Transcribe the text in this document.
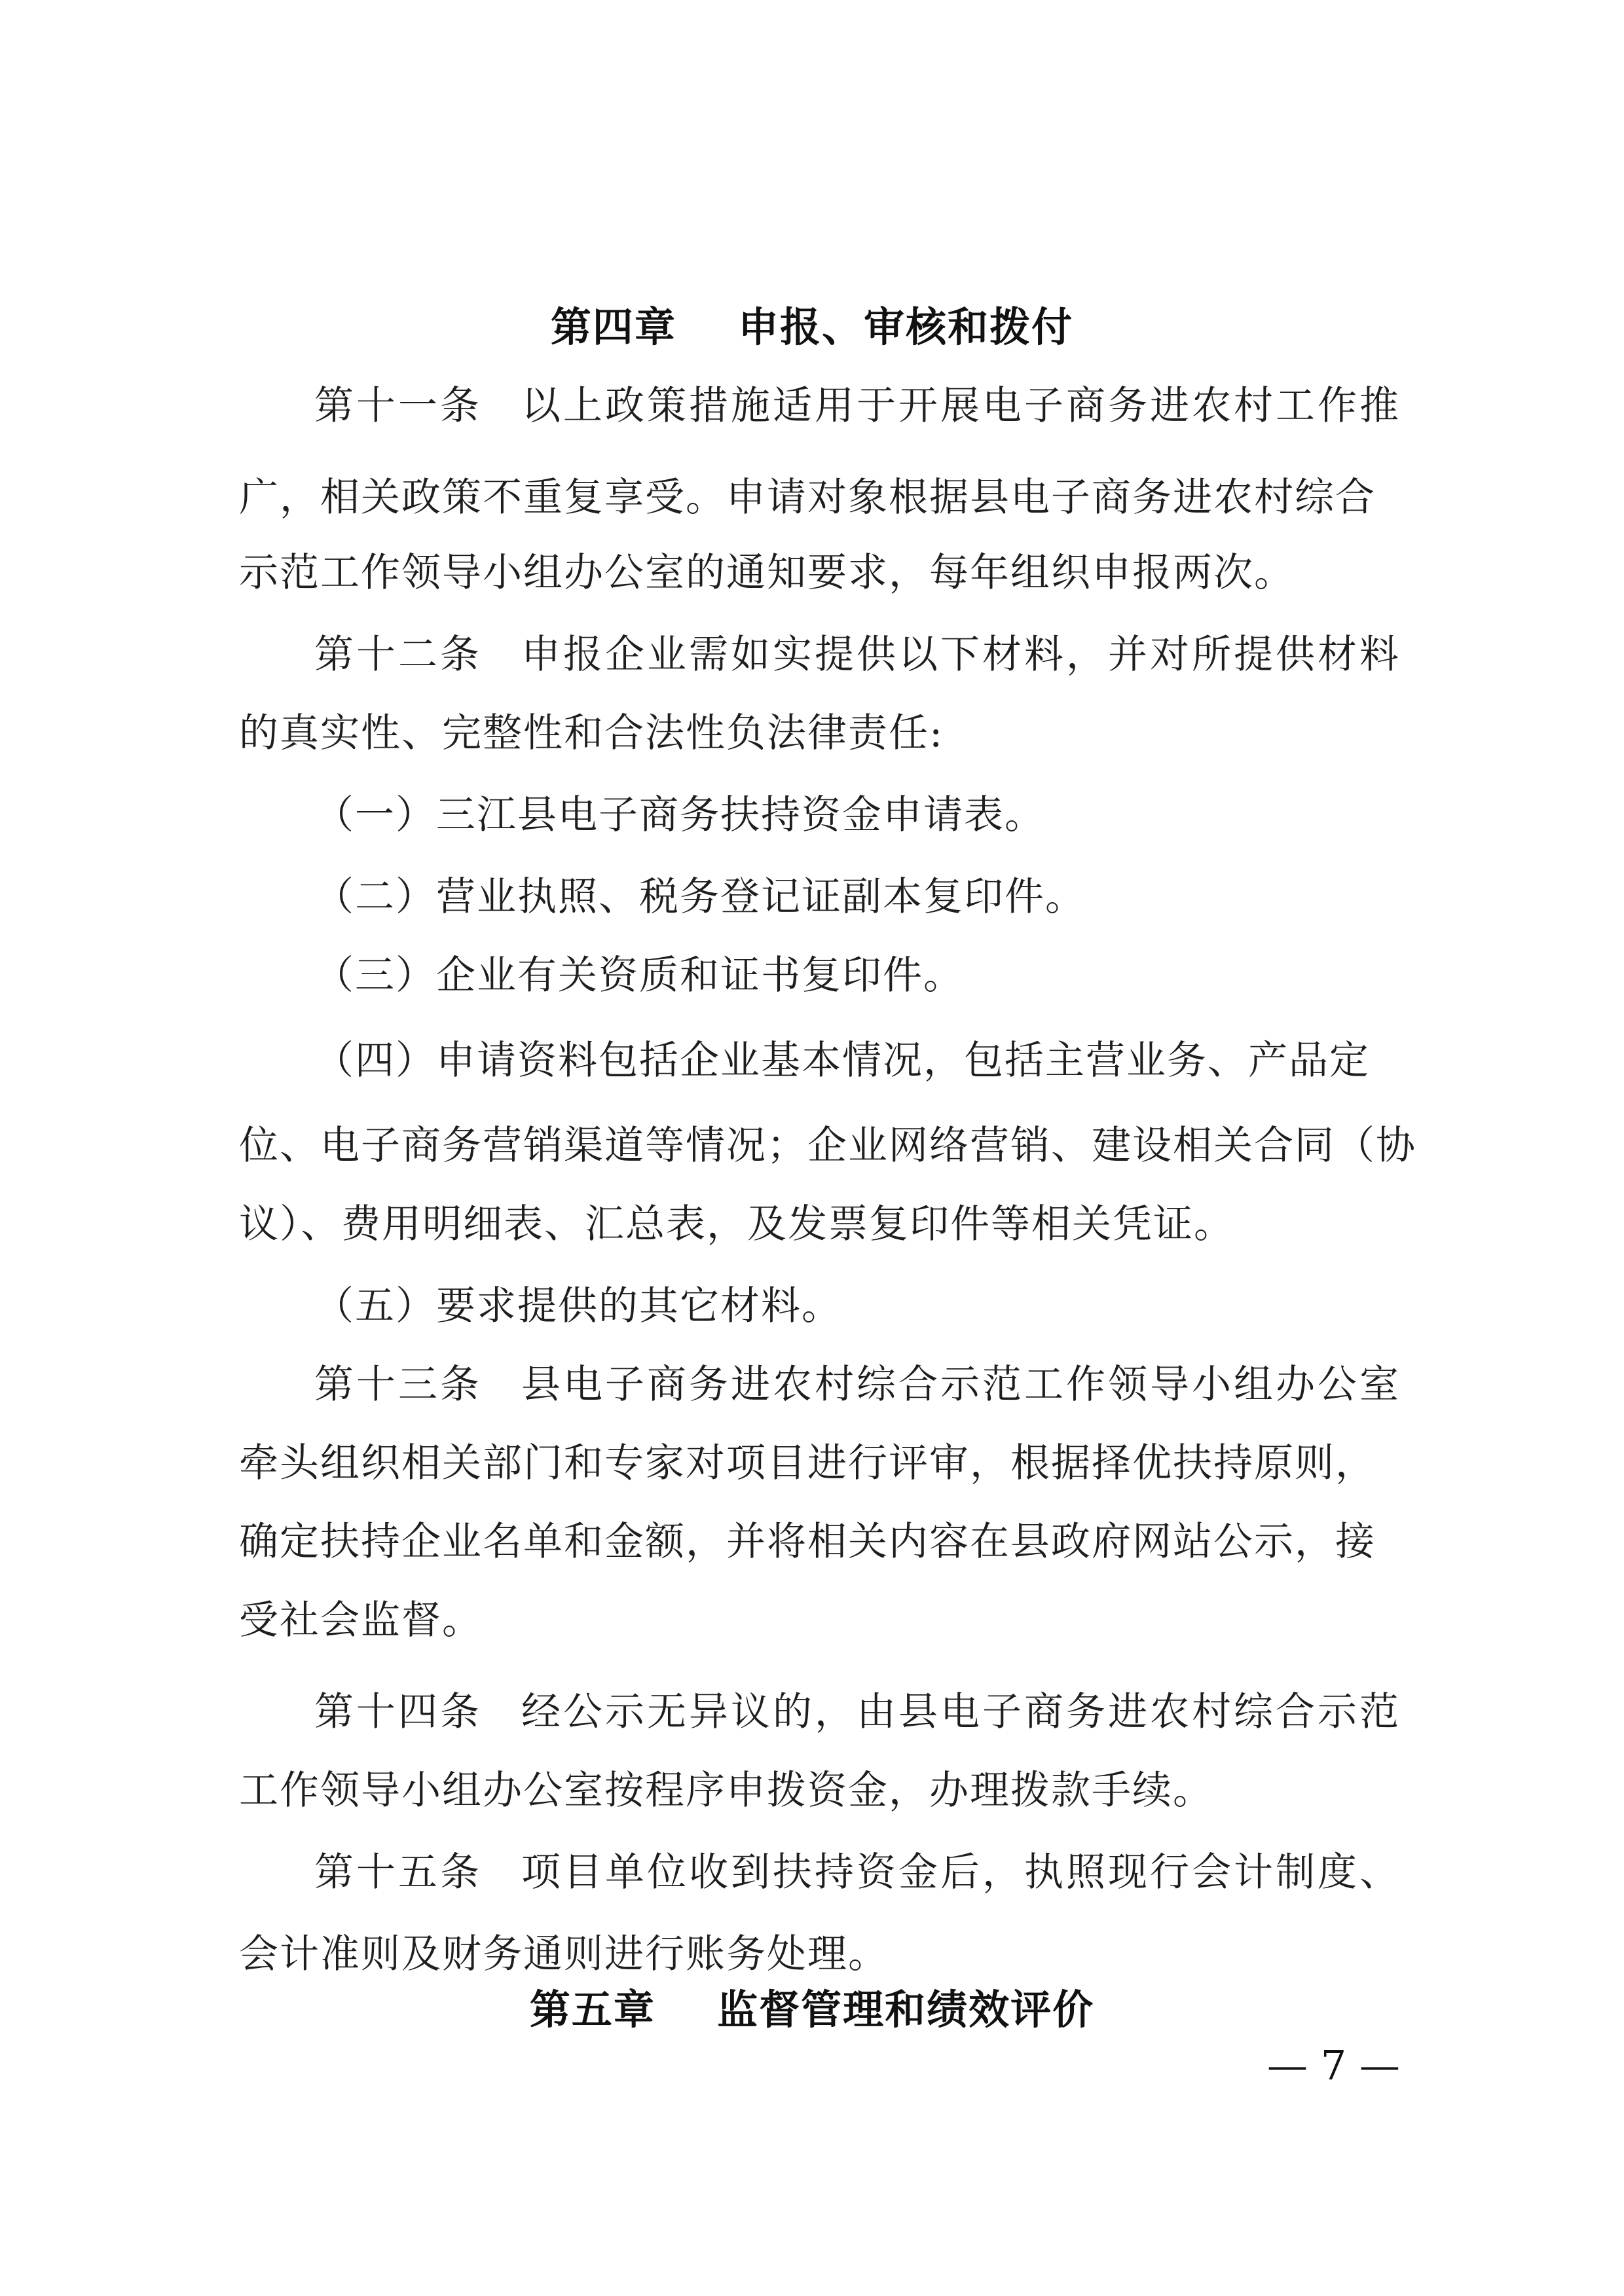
第四章    申报、审核和拨付
第十一条 以上政策措施适用于开展电子商务进农村工作推
广，相关政策不重复享受。申请对象根据县电子商务进农村综合
示范工作领导小组办公室的通知要求，每年组织申报两次。
第十二条 申报企业需如实提供以下材料，并对所提供材料
的真实性、完整性和合法性负法律责任:
（一）三江县电子商务扶持资金申请表。
（二）营业执照、税务登记证副本复印件。
（三）企业有关资质和证书复印件。
（四）申请资料包括企业基本情况，包括主营业务、产品定
位、电子商务营销渠道等情况；企业网络营销、建设相关合同（协
议）、费用明细表、汇总表，及发票复印件等相关凭证。
（五）要求提供的其它材料。
第十三条 县电子商务进农村综合示范工作领导小组办公室
牵头组织相关部门和专家对项目进行评审，根据择优扶持原则，
确定扶持企业名单和金额，并将相关内容在县政府网站公示，接
受社会监督。
第十四条 经公示无异议的，由县电子商务进农村综合示范
工作领导小组办公室按程序申拨资金，办理拨款手续。
第十五条 项目单位收到扶持资金后，执照现行会计制度、
会计准则及财务通则进行账务处理。
第五章    监督管理和绩效评价
— 7 —
